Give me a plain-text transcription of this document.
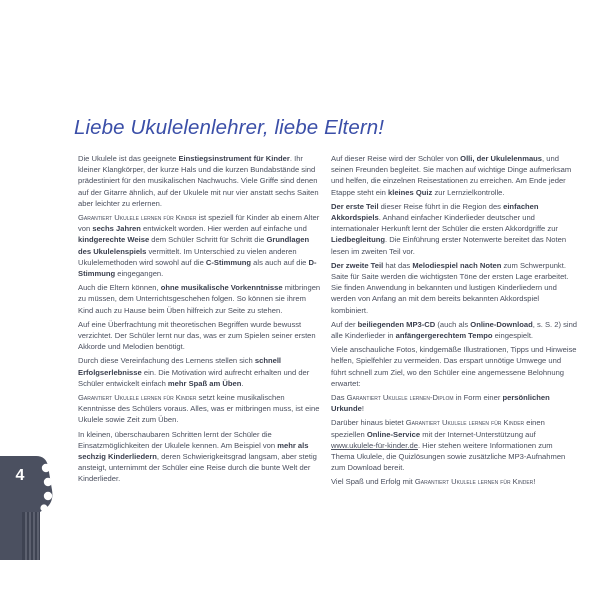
Liebe Ukulelenlehrer, liebe Eltern!

Die Ukulele ist das geeignete Einstiegsinstrument für Kinder. Ihr kleiner Klangkörper, der kurze Hals und die kurzen Bundabstände sind prädestiniert für den musikalischen Nachwuchs. Viele Griffe sind denen auf der Gitarre ähnlich, auf der Ukulele mit nur vier anstatt sechs Saiten aber leichter zu erlernen.

Garantiert Ukulele lernen für Kinder ist speziell für Kinder ab einem Alter von sechs Jahren entwickelt worden. Hier werden auf einfache und kindgerechte Weise dem Schüler Schritt für Schritt die Grundlagen des Ukulelenspiels vermittelt. Im Unterschied zu vielen anderen Ukulelemethoden wird sowohl auf die C-Stimmung als auch auf die D-Stimmung eingegangen.

Auch die Eltern können, ohne musikalische Vorkenntnisse mitbringen zu müssen, dem Unterrichtsgeschehen folgen. So können sie ihrem Kind auch zu Hause beim Üben hilfreich zur Seite zu stehen.

Auf eine Überfrachtung mit theoretischen Begriffen wurde bewusst verzichtet. Der Schüler lernt nur das, was er zum Spielen seiner ersten Akkorde und Melodien benötigt.

Durch diese Vereinfachung des Lernens stellen sich schnell Erfolgserlebnisse ein. Die Motivation wird aufrecht erhalten und der Schüler entwickelt einfach mehr Spaß am Üben.

Garantiert Ukulele lernen für Kinder setzt keine musikalischen Kenntnisse des Schülers voraus. Alles, was er mitbringen muss, ist eine Ukulele sowie Zeit zum Üben.

In kleinen, überschaubaren Schritten lernt der Schüler die Einsatzmöglichkeiten der Ukulele kennen. Am Beispiel von mehr als sechzig Kinderliedern, deren Schwierigkeitsgrad langsam, aber stetig ansteigt, unternimmt der Schüler eine Reise durch die bunte Welt der Kinderlieder.

Auf dieser Reise wird der Schüler von Olli, der Ukulelenmaus, und seinen Freunden begleitet. Sie machen auf wichtige Dinge aufmerksam und helfen, die einzelnen Reisestationen zu erreichen. Am Ende jeder Etappe steht ein kleines Quiz zur Lernzielkontrolle.

Der erste Teil dieser Reise führt in die Region des einfachen Akkordspiels. Anhand einfacher Kinderlieder deutscher und internationaler Herkunft lernt der Schüler die ersten Akkordgriffe zur Liedbegleitung. Die Einführung erster Notenwerte bereitet das Noten lesen im zweiten Teil vor.

Der zweite Teil hat das Melodiespiel nach Noten zum Schwerpunkt. Saite für Saite werden die wichtigsten Töne der ersten Lage erarbeitet. Sie finden Anwendung in bekannten und lustigen Kinderliedern und werden von Anfang an mit dem bereits bekannten Akkordspiel kombiniert.

Auf der beiliegenden MP3-CD (auch als Online-Download, s. S. 2) sind alle Kinderlieder in anfängergerechtem Tempo eingespielt.

Viele anschauliche Fotos, kindgemäße Illustrationen, Tipps und Hinweise helfen, Spielfehler zu vermeiden. Das erspart unnötige Umwege und führt schnell zum Ziel, wo den Schüler eine angemessene Belohnung erwartet:

Das Garantiert Ukulele lernen-Diplom in Form einer persönlichen Urkunde!

Darüber hinaus bietet Garantiert Ukulele lernen für Kinder einen speziellen Online-Service mit der Internet-Unterstützung auf www.ukulele-für-kinder.de. Hier stehen weitere Informationen zum Thema Ukulele, die Quizlösungen sowie zusätzliche MP3-Aufnahmen zum Download bereit.

Viel Spaß und Erfolg mit Garantiert Ukulele lernen für Kinder!

4
